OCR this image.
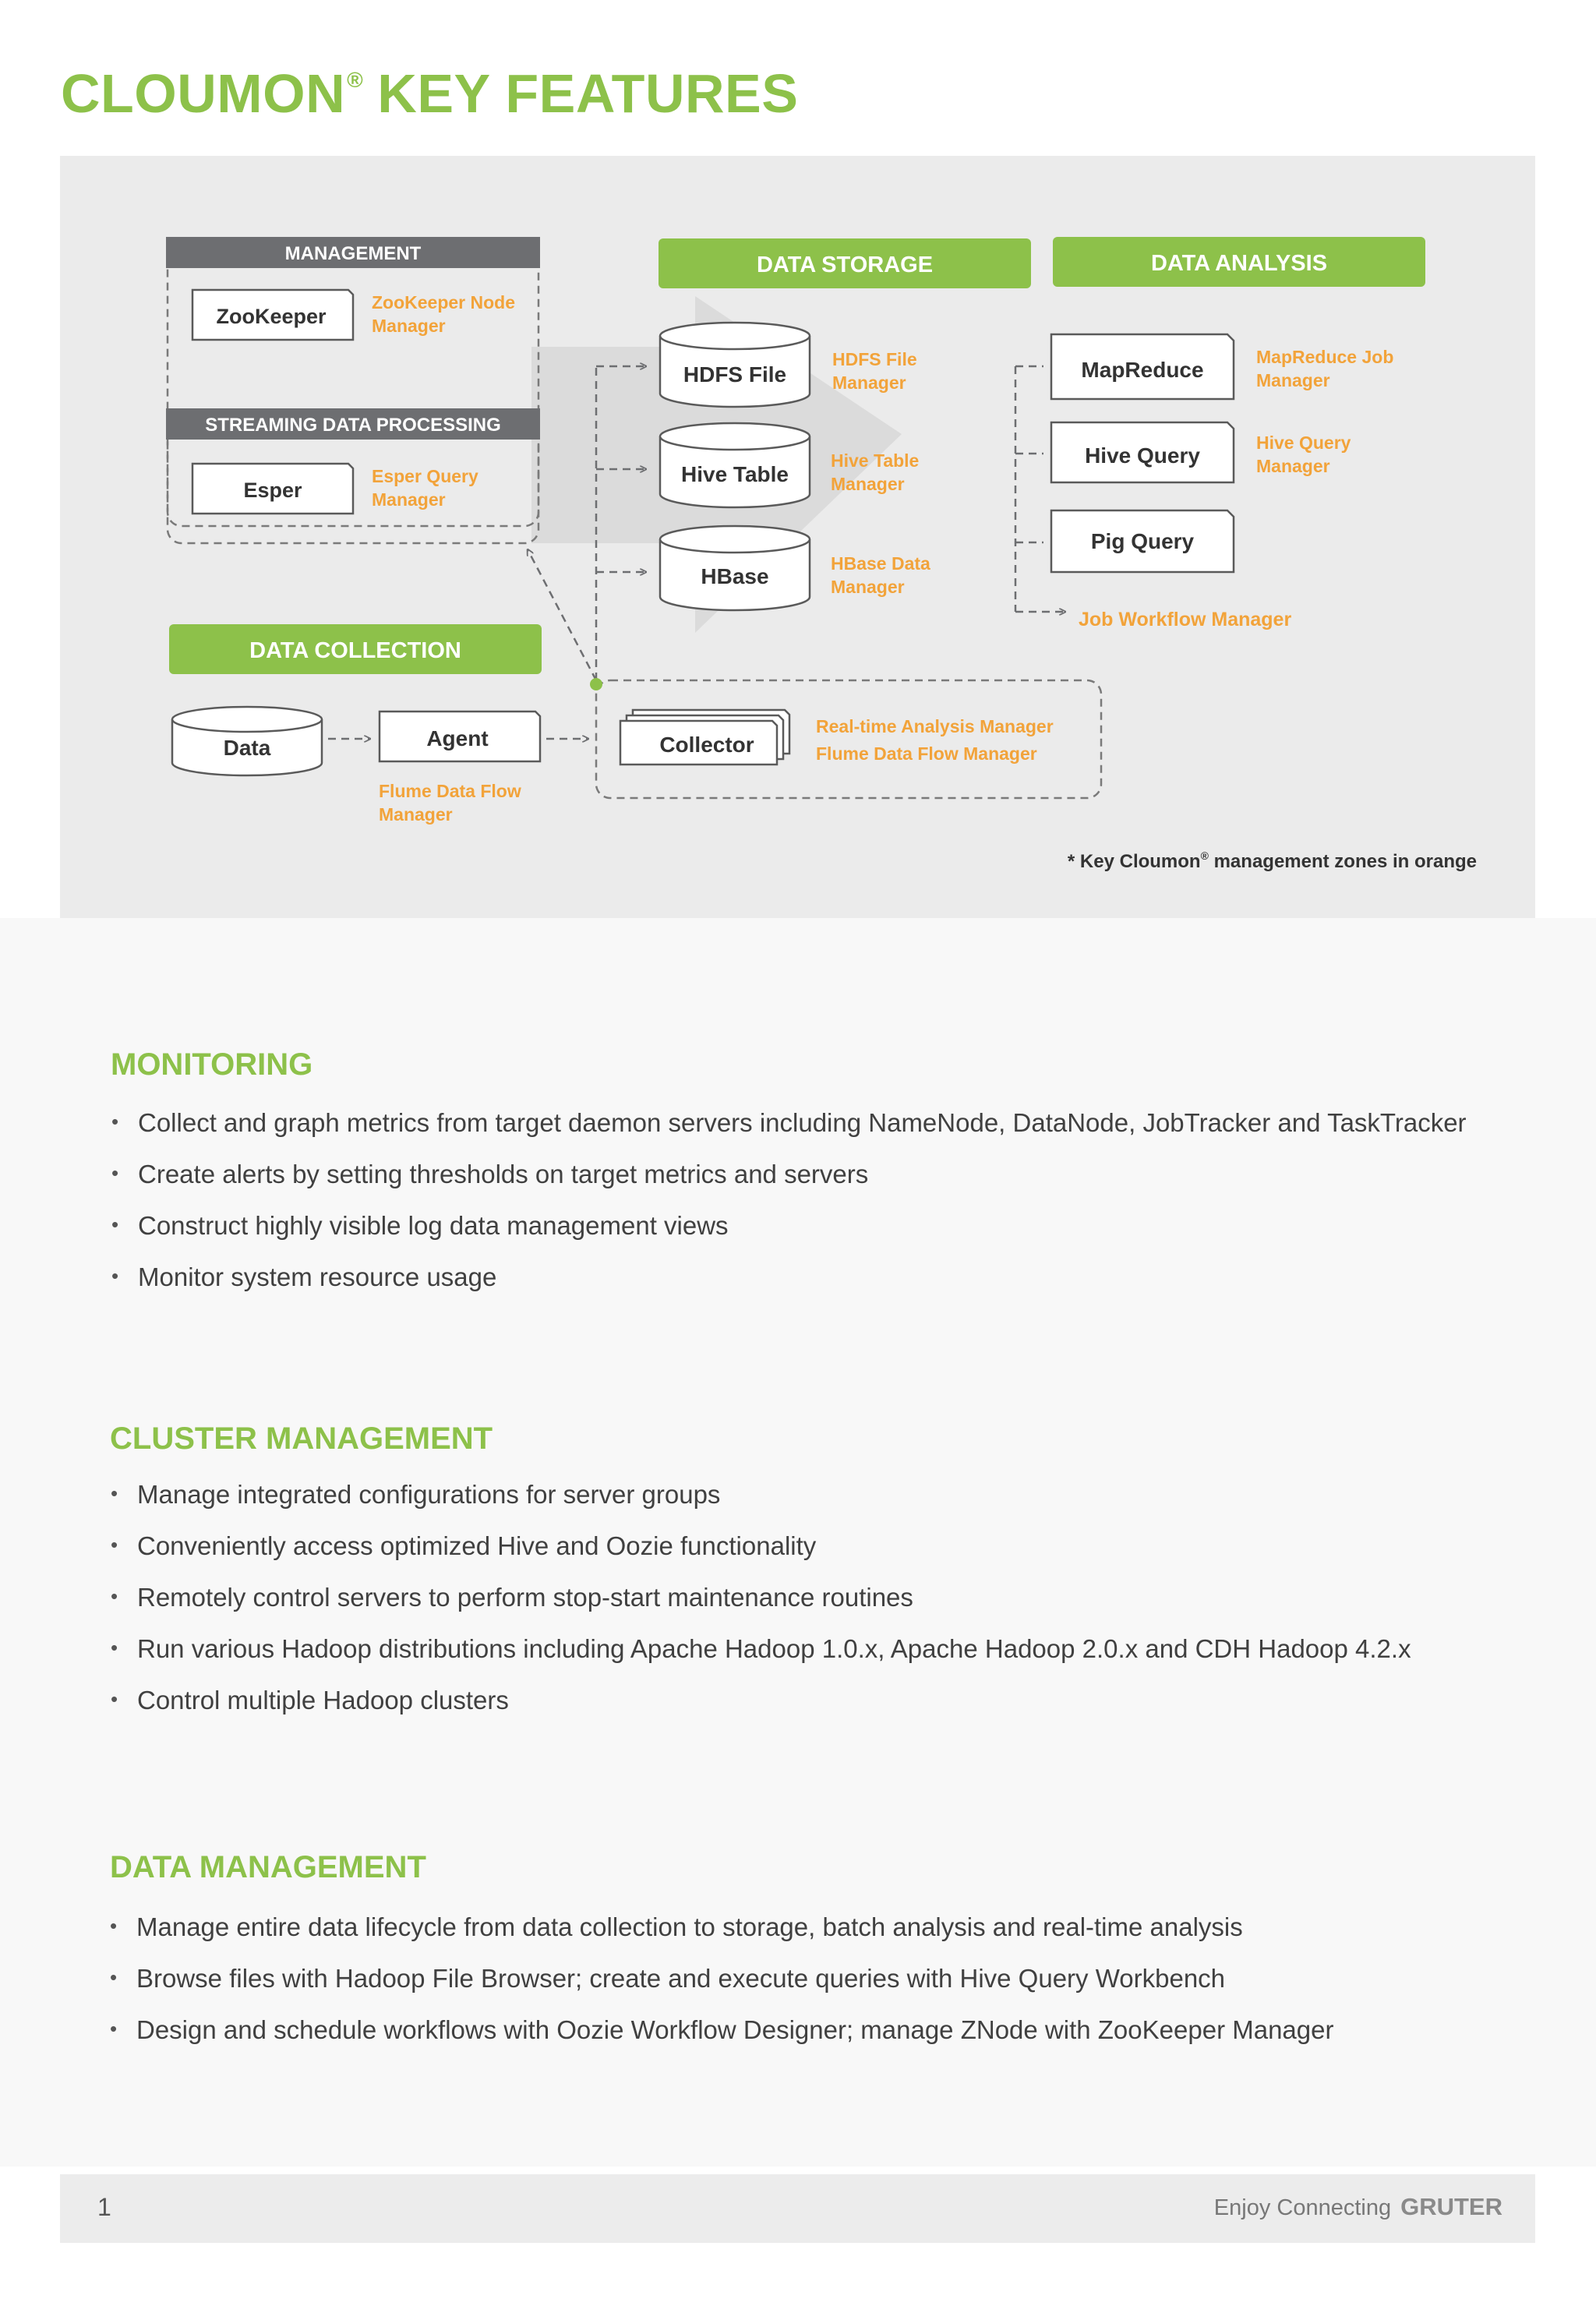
CLOUMON® KEY FEATURES
MANAGEMENT
ZooKeeper
ZooKeeper Node
Manager
STREAMING DATA PROCESSING
Esper
Esper Query
Manager
DATA STORAGE
HDFS File
HDFS File
Manager
Hive Table
Hive Table
Manager
HBase
HBase Data
Manager
DATA ANALYSIS
MapReduce
MapReduce Job
Manager
Hive Query
Hive Query
Manager
Pig Query
Job Workflow Manager
DATA COLLECTION
Data	Agent
Flume Data Flow
Manager
Collector
Real-time Analysis Manager
Flume Data Flow Manager
* Key Cloumon® management zones in orange
MONITORING
• Collect and graph metrics from target daemon servers including NameNode, DataNode, JobTracker and TaskTracker
• Create alerts by setting thresholds on target metrics and servers
• Construct highly visible log data management views
• Monitor system resource usage
CLUSTER MANAGEMENT
• Manage integrated configurations for server groups
• Conveniently access optimized Hive and Oozie functionality
• Remotely control servers to perform stop-start maintenance routines
• Run various Hadoop distributions including Apache Hadoop 1.0.x, Apache Hadoop 2.0.x and CDH Hadoop 4.2.x
• Control multiple Hadoop clusters
DATA MANAGEMENT
• Manage entire data lifecycle from data collection to storage, batch analysis and real-time analysis
• Browse files with Hadoop File Browser; create and execute queries with Hive Query Workbench
• Design and schedule workflows with Oozie Workflow Designer; manage ZNode with ZooKeeper Manager
1	Enjoy Connecting GRUTER
